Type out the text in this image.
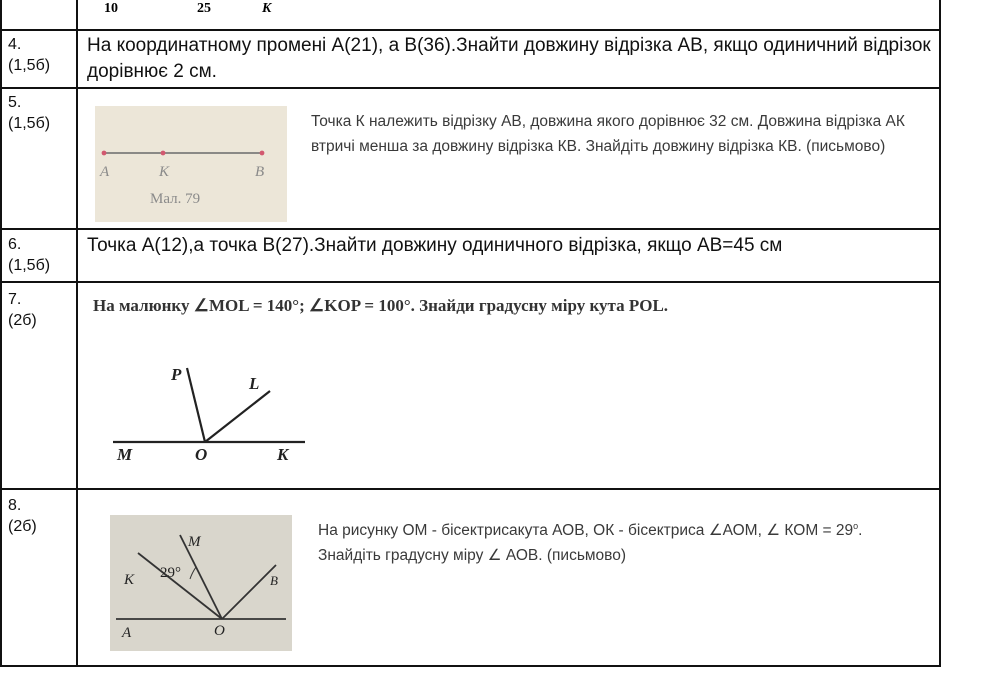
10	25	K
4.
(1,5б)
На координатному промені А(21), а В(36).Знайти довжину відрізка АВ, якщо одиничний відрізок дорівнює 2 см.
5.
(1,5б)
A	K	B
Мал. 79
Точка К належить відрізку АВ, довжина якого дорівнює 32 см. Довжина відрізка АК втричі менша за довжину відрізка КВ. Знайдіть довжину відрізка КВ. (письмово)
6.
(1,5б)
Точка А(12),а точка В(27).Знайти довжину одиничного відрізка, якщо АВ=45 см
7.
(2б)
На малюнку ∠MOL = 140°; ∠KOP = 100°. Знайди градусну міру кута POL.
P	L
M	O	K
8.
(2б)
M
K 29°	B
A	O
На рисунку ОМ - бісектрисакута АОВ, ОК - бісектриса ∠АОМ, ∠ КОМ = $29^о$. Знайдіть градусну міру ∠ АОВ. (письмово)
